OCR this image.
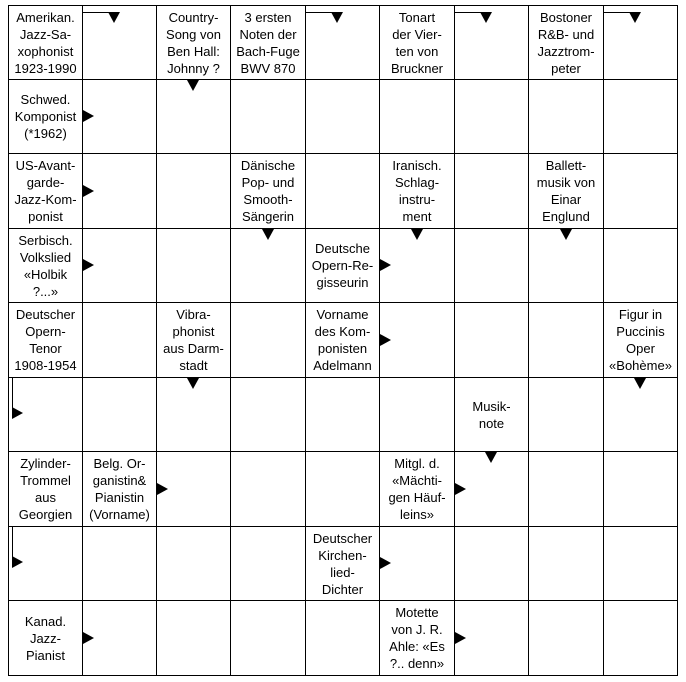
Amerikan.
Jazz-Sa-
xophonist
1923-1990
Country-
Song von
Ben Hall:
Johnny ?
3 ersten
Noten der
Bach-Fuge
BWV 870
Tonart
der Vier-
ten von
Bruckner
Bostoner
R&B- und
Jazztrom-
peter
Schwed.
Komponist
(*1962)
US-Avant-
garde-
Jazz-Kom-
ponist
Dänische
Pop- und
Smooth-
Sängerin
Iranisch.
Schlag-
instru-
ment
Ballett-
musik von
Einar
Englund
Serbisch.
Volkslied
«Holbik
?...»
Deutsche
Opern-Re-
gisseurin
Deutscher
Opern-
Tenor
1908-1954
Vibra-
phonist
aus Darm-
stadt
Vorname
des Kom-
ponisten
Adelmann
Figur in
Puccinis
Oper
«Bohème»
Musik-
note
Zylinder-
Trommel
aus
Georgien
Belg. Or-
ganistin&
Pianistin
(Vorname)
Mitgl. d.
«Mächti-
gen Häuf-
leins»
Deutscher
Kirchen-
lied-
Dichter
Kanad.
Jazz-
Pianist
Motette
von J. R.
Ahle: «Es
?.. denn»
